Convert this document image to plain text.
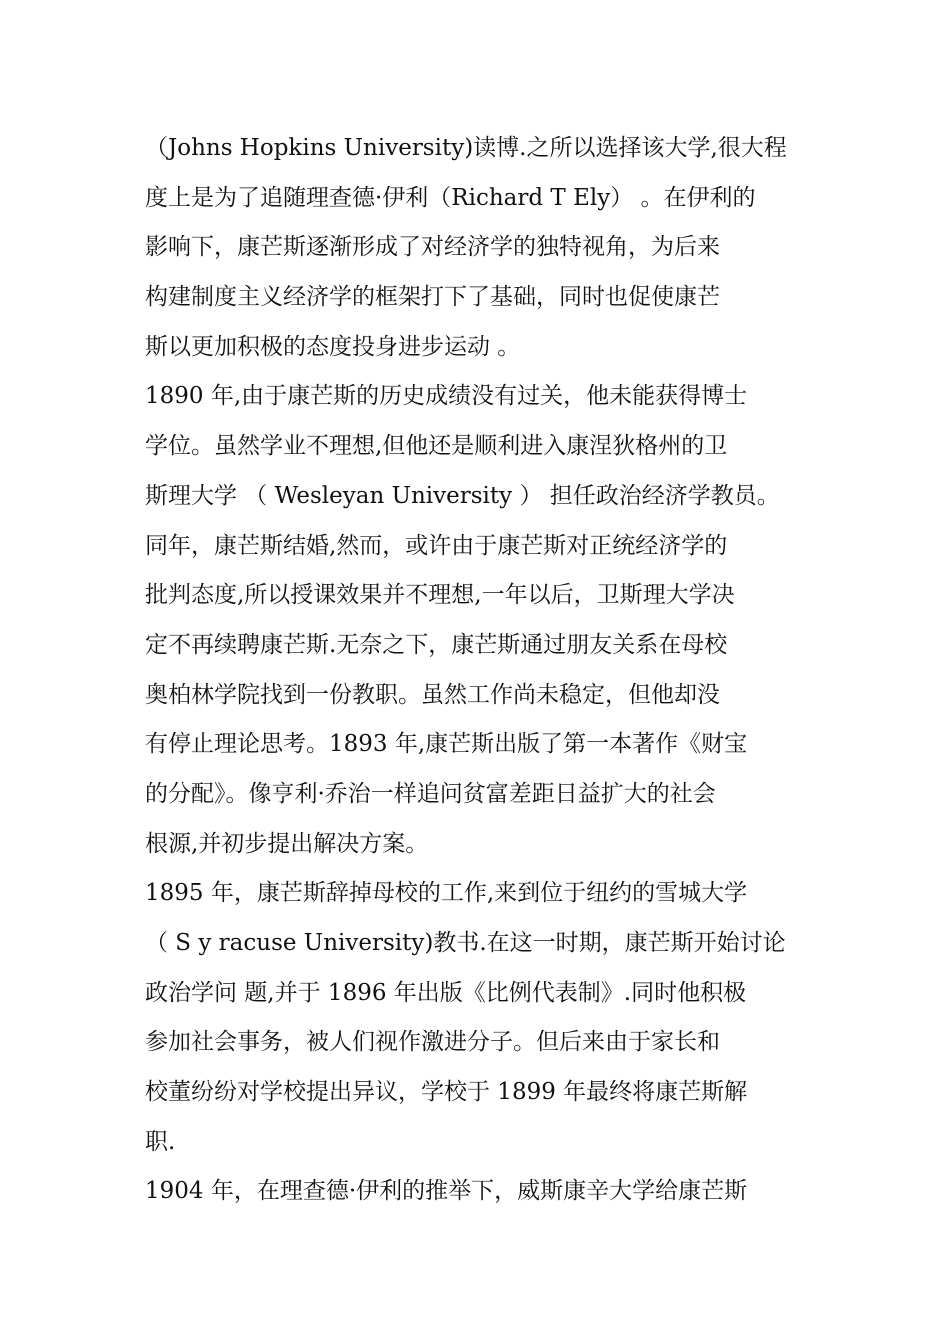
（Johns Hopkins University)读博.之所以选择该大学,很大程
度上是为了追随理查德·伊利（Richard T Ely） 。在伊利的
影响下，康芒斯逐渐形成了对经济学的独特视角，为后来
构建制度主义经济学的框架打下了基础，同时也促使康芒
斯以更加积极的态度投身进步运动 。
1890 年,由于康芒斯的历史成绩没有过关，他未能获得博士
学位。虽然学业不理想,但他还是顺利进入康涅狄格州的卫
斯理大学 （ Wesleyan University ） 担任政治经济学教员。
同年，康芒斯结婚,然而，或许由于康芒斯对正统经济学的
批判态度,所以授课效果并不理想,一年以后，卫斯理大学决
定不再续聘康芒斯.无奈之下，康芒斯通过朋友关系在母校
奥柏林学院找到一份教职。虽然工作尚未稳定，但他却没
有停止理论思考。1893 年,康芒斯出版了第一本著作《财宝
的分配》。像亨利·乔治一样追问贫富差距日益扩大的社会
根源,并初步提出解决方案。
1895 年，康芒斯辞掉母校的工作,来到位于纽约的雪城大学
（ S y racuse University)教书.在这一时期，康芒斯开始讨论
政治学问 题,并于 1896 年出版《比例代表制》.同时他积极
参加社会事务，被人们视作激进分子。但后来由于家长和
校董纷纷对学校提出异议，学校于 1899 年最终将康芒斯解
职.
1904 年，在理查德·伊利的推举下，威斯康辛大学给康芒斯
